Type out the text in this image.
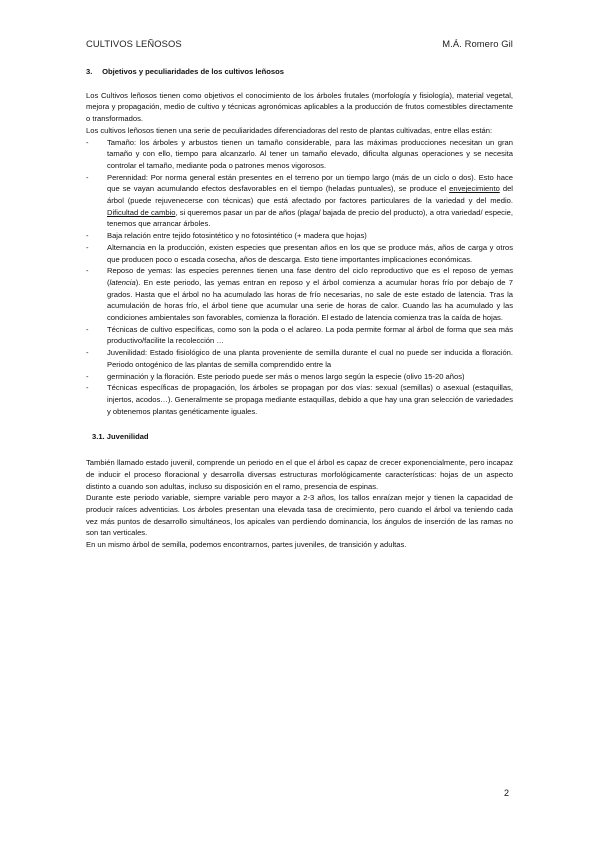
CULTIVOS LEÑOSOS	M.Á. Romero Gil
3. Objetivos y peculiaridades de los cultivos leñosos

Los Cultivos leñosos tienen como objetivos el conocimiento de los árboles frutales (morfología y fisiología), material vegetal, mejora y propagación, medio de cultivo y técnicas agronómicas aplicables a la producción de frutos comestibles directamente o transformados.

Los cultivos leñosos tienen una serie de peculiaridades diferenciadoras del resto de plantas cultivadas, entre ellas están:

- Tamaño: los árboles y arbustos tienen un tamaño considerable, para las máximas producciones necesitan un gran tamaño y con ello, tiempo para alcanzarlo. Al tener un tamaño elevado, dificulta algunas operaciones y se necesita controlar el tamaño, mediante poda o patrones menos vigorosos.
- Perennidad: Por norma general están presentes en el terreno por un tiempo largo (más de un ciclo o dos). Esto hace que se vayan acumulando efectos desfavorables en el tiempo (heladas puntuales), se produce el envejecimiento del árbol (puede rejuvenecerse con técnicas) que está afectado por factores particulares de la variedad y del medio. Dificultad de cambio, si queremos pasar un par de años (plaga/ bajada de precio del producto), a otra variedad/ especie, tenemos que arrancar árboles.
- Baja relación entre tejido fotosintético y no fotosintético (+ madera que hojas)
- Alternancia en la producción, existen especies que presentan años en los que se produce más, años de carga y otros que producen poco o escada cosecha, años de descarga. Esto tiene importantes implicaciones económicas.
- Reposo de yemas: las especies perennes tienen una fase dentro del ciclo reproductivo que es el reposo de yemas (latencia). En este periodo, las yemas entran en reposo y el árbol comienza a acumular horas frío por debajo de 7 grados. Hasta que el árbol no ha acumulado las horas de frío necesarias, no sale de este estado de latencia. Tras la acumulación de horas frío, el árbol tiene que acumular una serie de horas de calor. Cuando las ha acumulado y las condiciones ambientales son favorables, comienza la floración. El estado de latencia comienza tras la caída de hojas.
- Técnicas de cultivo específicas, como son la poda o el aclareo. La poda permite formar al árbol de forma que sea más productivo/facilite la recolección …
- Juvenilidad: Estado fisiológico de una planta proveniente de semilla durante el cual no puede ser inducida a floración. Periodo ontogénico de las plantas de semilla comprendido entre la
- germinación y la floración. Este periodo puede ser más o menos largo según la especie (olivo 15-20 años)
- Técnicas específicas de propagación, los árboles se propagan por dos vías: sexual (semillas) o asexual (estaquillas, injertos, acodos…). Generalmente se propaga mediante estaquillas, debido a que hay una gran selección de variedades y obtenemos plantas genéticamente iguales.
3.1. Juvenilidad

También llamado estado juvenil, comprende un periodo en el que el árbol es capaz de crecer exponencialmente, pero incapaz de inducir el proceso floracional y desarrolla diversas estructuras morfológicamente características: hojas de un aspecto distinto a cuando son adultas, incluso su disposición en el ramo, presencia de espinas.

Durante este periodo variable, siempre variable pero mayor a 2-3 años, los tallos enraízan mejor y tienen la capacidad de producir raíces adventicias. Los árboles presentan una elevada tasa de crecimiento, pero cuando el árbol va teniendo cada vez más puntos de desarrollo simultáneos, los apicales van perdiendo dominancia, los ángulos de inserción de las ramas no son tan verticales.

En un mismo árbol de semilla, podemos encontrarnos, partes juveniles, de transición y adultas.

2
